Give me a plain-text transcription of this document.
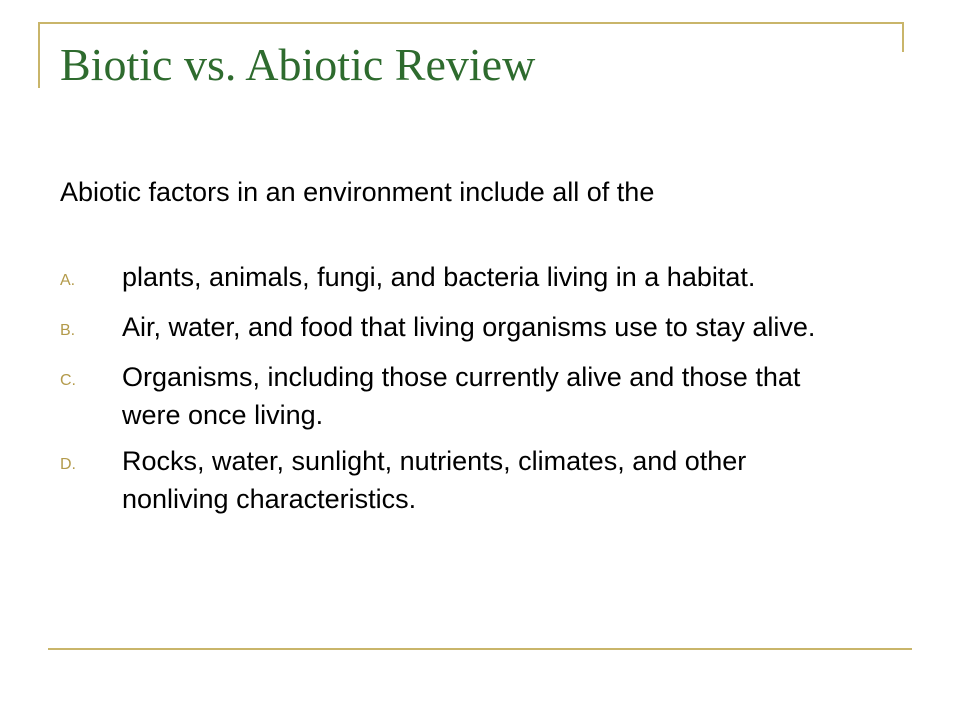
Biotic vs. Abiotic Review

Abiotic factors in an environment include all of the

A.	plants, animals, fungi, and bacteria living in a habitat.
B.	Air, water, and food that living organisms use to stay alive.
C.	Organisms, including those currently alive and those that were once living.
D.	Rocks, water, sunlight, nutrients, climates, and other nonliving characteristics.
